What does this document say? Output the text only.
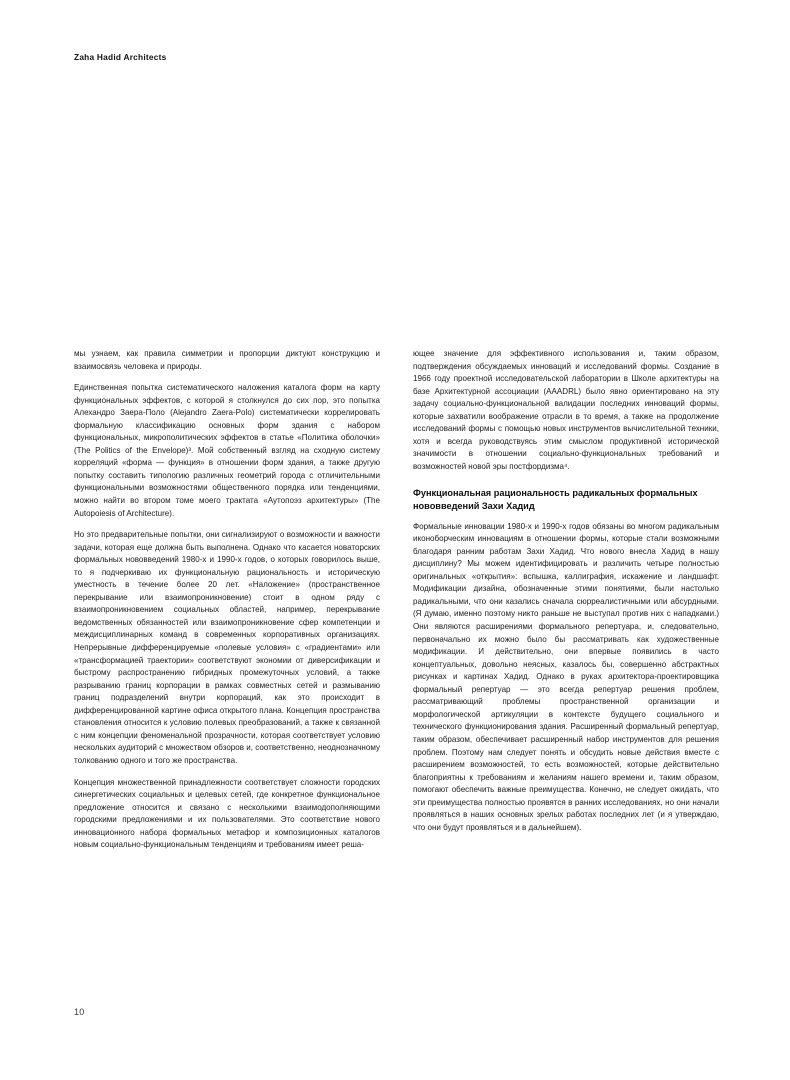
Zaha Hadid Architects

мы узнаем, как правила симметрии и пропорции диктуют конструкцию и взаимосвязь человека и природы.

Единственная попытка систематического наложения каталога форм на карту функциональных эффектов, с которой я столкнулся до сих пор, это попытка Алехандро Заера-Поло (Alejandro Zaera-Polo) систематически коррелировать формальную классификацию основных форм здания с набором функциональных, микрополитических эффектов в статье «Политика оболочки» (The Politics of the Envelope)³. Мой собственный взгляд на сходную систему корреляций «форма — функция» в отношении форм здания, а также другую попытку составить типологию различных геометрий города с отличительными функциональными возможностями общественного порядка или тенденциями, можно найти во втором томе моего трактата «Аутопоэз архитектуры» (The Autopoiesis of Architecture).

Но это предварительные попытки, они сигнализируют о возможности и важности задачи, которая еще должна быть выполнена. Однако что касается новаторских формальных нововведений 1980-х и 1990-х годов, о которых говорилось выше, то я подчеркиваю их функциональную рациональность и историческую уместность в течение более 20 лет. «Наложение» (пространственное перекрывание или взаимопроникновение) стоит в одном ряду с взаимопроникновением социальных областей, например, перекрывание ведомственных обязанностей или взаимопроникновение сфер компетенции и междисциплинарных команд в современных корпоративных организациях. Непрерывные дифференцируемые «полевые условия» с «градиентами» или «трансформацией траектории» соответствуют экономии от диверсификации и быстрому распространению гибридных промежуточных условий, а также разрыванию границ корпорации в рамках совместных сетей и размыванию границ подразделений внутри корпораций, как это происходит в дифференцированной картине офиса открытого плана. Концепция пространства становления относится к условию полевых преобразований, а также к связанной с ним концепции феноменальной прозрачности, которая соответствует условию нескольких аудиторий с множеством обзоров и, соответственно, неоднозначному толкованию одного и того же пространства.

Концепция множественной принадлежности соответствует сложности городских синергетических социальных и целевых сетей, где конкретное функциональное предложение относится и связано с несколькими взаимодополняющими городскими предложениями и их пользователями. Это соответствие нового инновационного набора формальных метафор и композиционных каталогов новым социально-функциональным тенденциям и требованиям имеет реша-

ющее значение для эффективного использования и, таким образом, подтверждения обсуждаемых инноваций и исследований формы. Создание в 1966 году проектной исследовательской лаборатории в Школе архитектуры на базе Архитектурной ассоциации (AAADRL) было явно ориентировано на эту задачу социально-функциональной валидации последних инноваций формы, которые захватили воображение отрасли в то время, а также на продолжение исследований формы с помощью новых инструментов вычислительной техники, хотя и всегда руководствуясь этим смыслом продуктивной исторической значимости в отношении социально-функциональных требований и возможностей новой эры постфордизма⁴.

Функциональная рациональность радикальных формальных нововведений Захи Хадид

Формальные инновации 1980-х и 1990-х годов обязаны во многом радикальным иконоборческим инновациям в отношении формы, которые стали возможными благодаря ранним работам Захи Хадид. Что нового внесла Хадид в нашу дисциплину? Мы можем идентифицировать и различить четыре полностью оригинальных «открытия»: вспышка, каллиграфия, искажение и ландшафт. Модификации дизайна, обозначенные этими понятиями, были настолько радикальными, что они казались сначала сюрреалистичными или абсурдными. (Я думаю, именно поэтому никто раньше не выступал против них с нападками.) Они являются расширениями формального репертуара, и, следовательно, первоначально их можно было бы рассматривать как художественные модификации. И действительно, они впервые появились в часто концептуальных, довольно неясных, казалось бы, совершенно абстрактных рисунках и картинах Хадид. Однако в руках архитектора-проектировщика формальный репертуар — это всегда репертуар решения проблем, рассматривающий проблемы пространственной организации и морфологической артикуляции в контексте будущего социального и технического функционирования здания. Расширенный формальный репертуар, таким образом, обеспечивает расширенный набор инструментов для решения проблем. Поэтому нам следует понять и обсудить новые действия вместе с расширением возможностей, то есть возможностей, которые действительно благоприятны к требованиям и желаниям нашего времени и, таким образом, помогают обеспечить важные преимущества. Конечно, не следует ожидать, что эти преимущества полностью проявятся в ранних исследованиях, но они начали проявляться в наших основных зрелых работах последних лет (и я утверждаю, что они будут проявляться и в дальнейшем).

10
